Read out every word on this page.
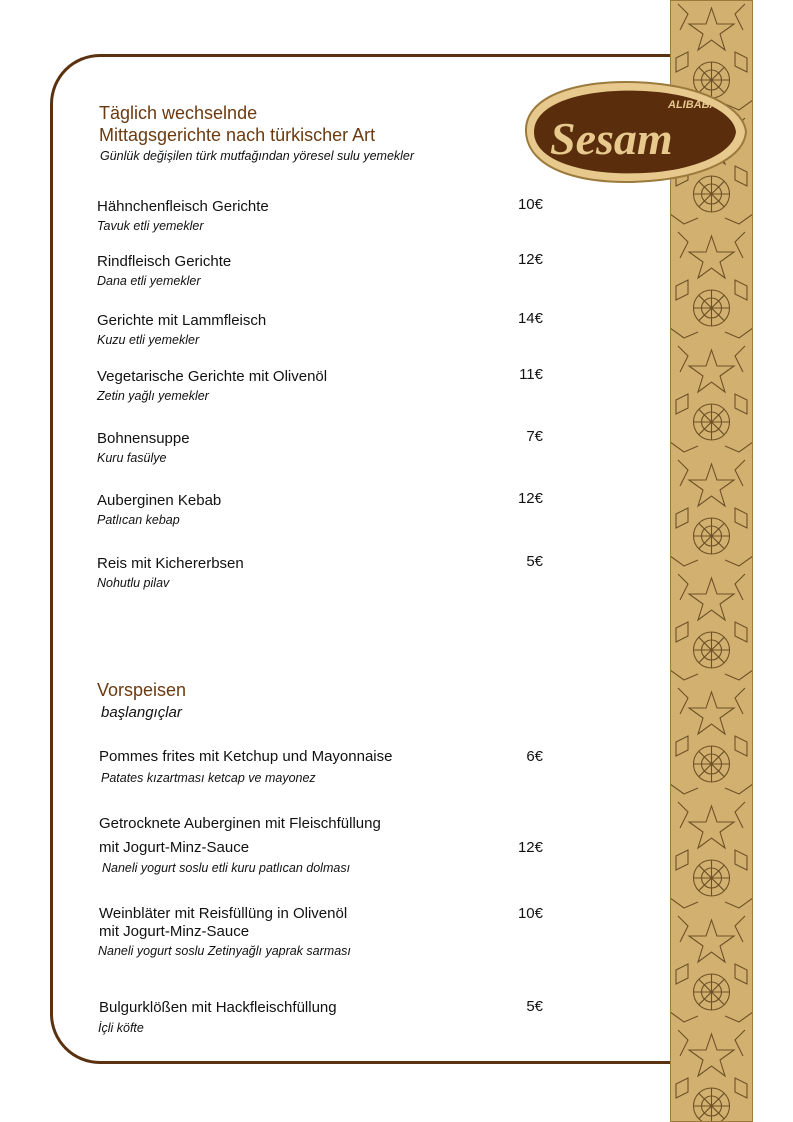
ALIBABA
Sesam
Täglich wechselnde
Mittagsgerichte nach türkischer Art
Günlük değişilen türk mutfağından yöresel sulu yemekler
Hähnchenfleisch Gerichte
Tavuk etli yemekler
10€
Rindfleisch Gerichte
Dana etli yemekler
12€
Gerichte mit Lammfleisch
Kuzu etli yemekler
14€
Vegetarische Gerichte mit Olivenöl
Zetin yağlı yemekler
11€
Bohnensuppe
Kuru fasülye
7€
Auberginen Kebab
Patlıcan kebap
12€
Reis mit Kichererbsen
Nohutlu pilav
5€
Vorspeisen
başlangıçlar
Pommes frites mit Ketchup und Mayonnaise
Patates kızartması ketcap ve mayonez
6€
Getrocknete Auberginen mit Fleischfüllung
mit Jogurt-Minz-Sauce
Naneli yogurt soslu etli kuru patlıcan dolması
12€
Weinbläter mit Reisfüllüng in Olivenöl
mit Jogurt-Minz-Sauce
Naneli yogurt soslu Zetinyağlı yaprak sarması
10€
Bulgurklößen mit Hackfleischfüllung
İçli köfte
5€
